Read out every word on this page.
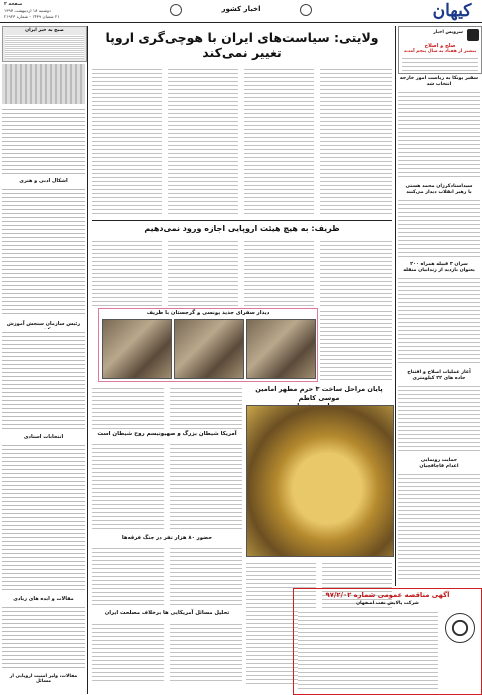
کیهان
اخبار کشور
صفحه ۲
دوشنبه ۱۸ اردیبهشت ۱۳۹۷
۲۱ شعبان ۱۴۳۹ - شماره ۲۱۹۲۳
صبح به خیر ایران
اشکال ادبی و هنری
رئیس سازمان سنجش آموزش
انتخابات استادی
مقالات و ایده های زیادی
مقالات، ولیز امنیت اروپایی از مسائل
ولایتی: سیاست‌های ایران با هوچی‌گری اروپا
تغییر نمی‌کند
ظریف: به هیچ هیئت اروپایی اجازه ورود نمی‌دهیم
دیدار سفرای جدید یونسی و گرجستان با ظریف
آمریکا شیطان بزرگ و صهیونیسم روح شیطان است
حضور ۸۰ هزار نفر در جنگ فرقه‌ها
تحلیل مسائل آمریکایی ها برخلاف مصلحت ایران
پایان مراحل ساخت ۳ حرم مطهر امامین موسی کاظم
سرویس اخبار
صلح و اصلاح
بیشتر از هفتاد به سال پنجم آمدند
سفیر پونکا به ریاست امور خارجه
انتخاب شد
سیداستادکرزان محمد هستی
با رهبر انقلاب دیدار می‌کنند
سران ۴ قبیله همراه ۲۰۰
بعنوان بازدید از زندانیان منقله
آغاز عملیات اصلاح و افتتاح
جاده های ۲۲ کیلومتری
حمایت رونمایی
اعدام قاچاقچیان
آگهی مناقصه عمومی شماره ۹۷/۲/۰۲
شرکت پالایش نفت اصفهان
